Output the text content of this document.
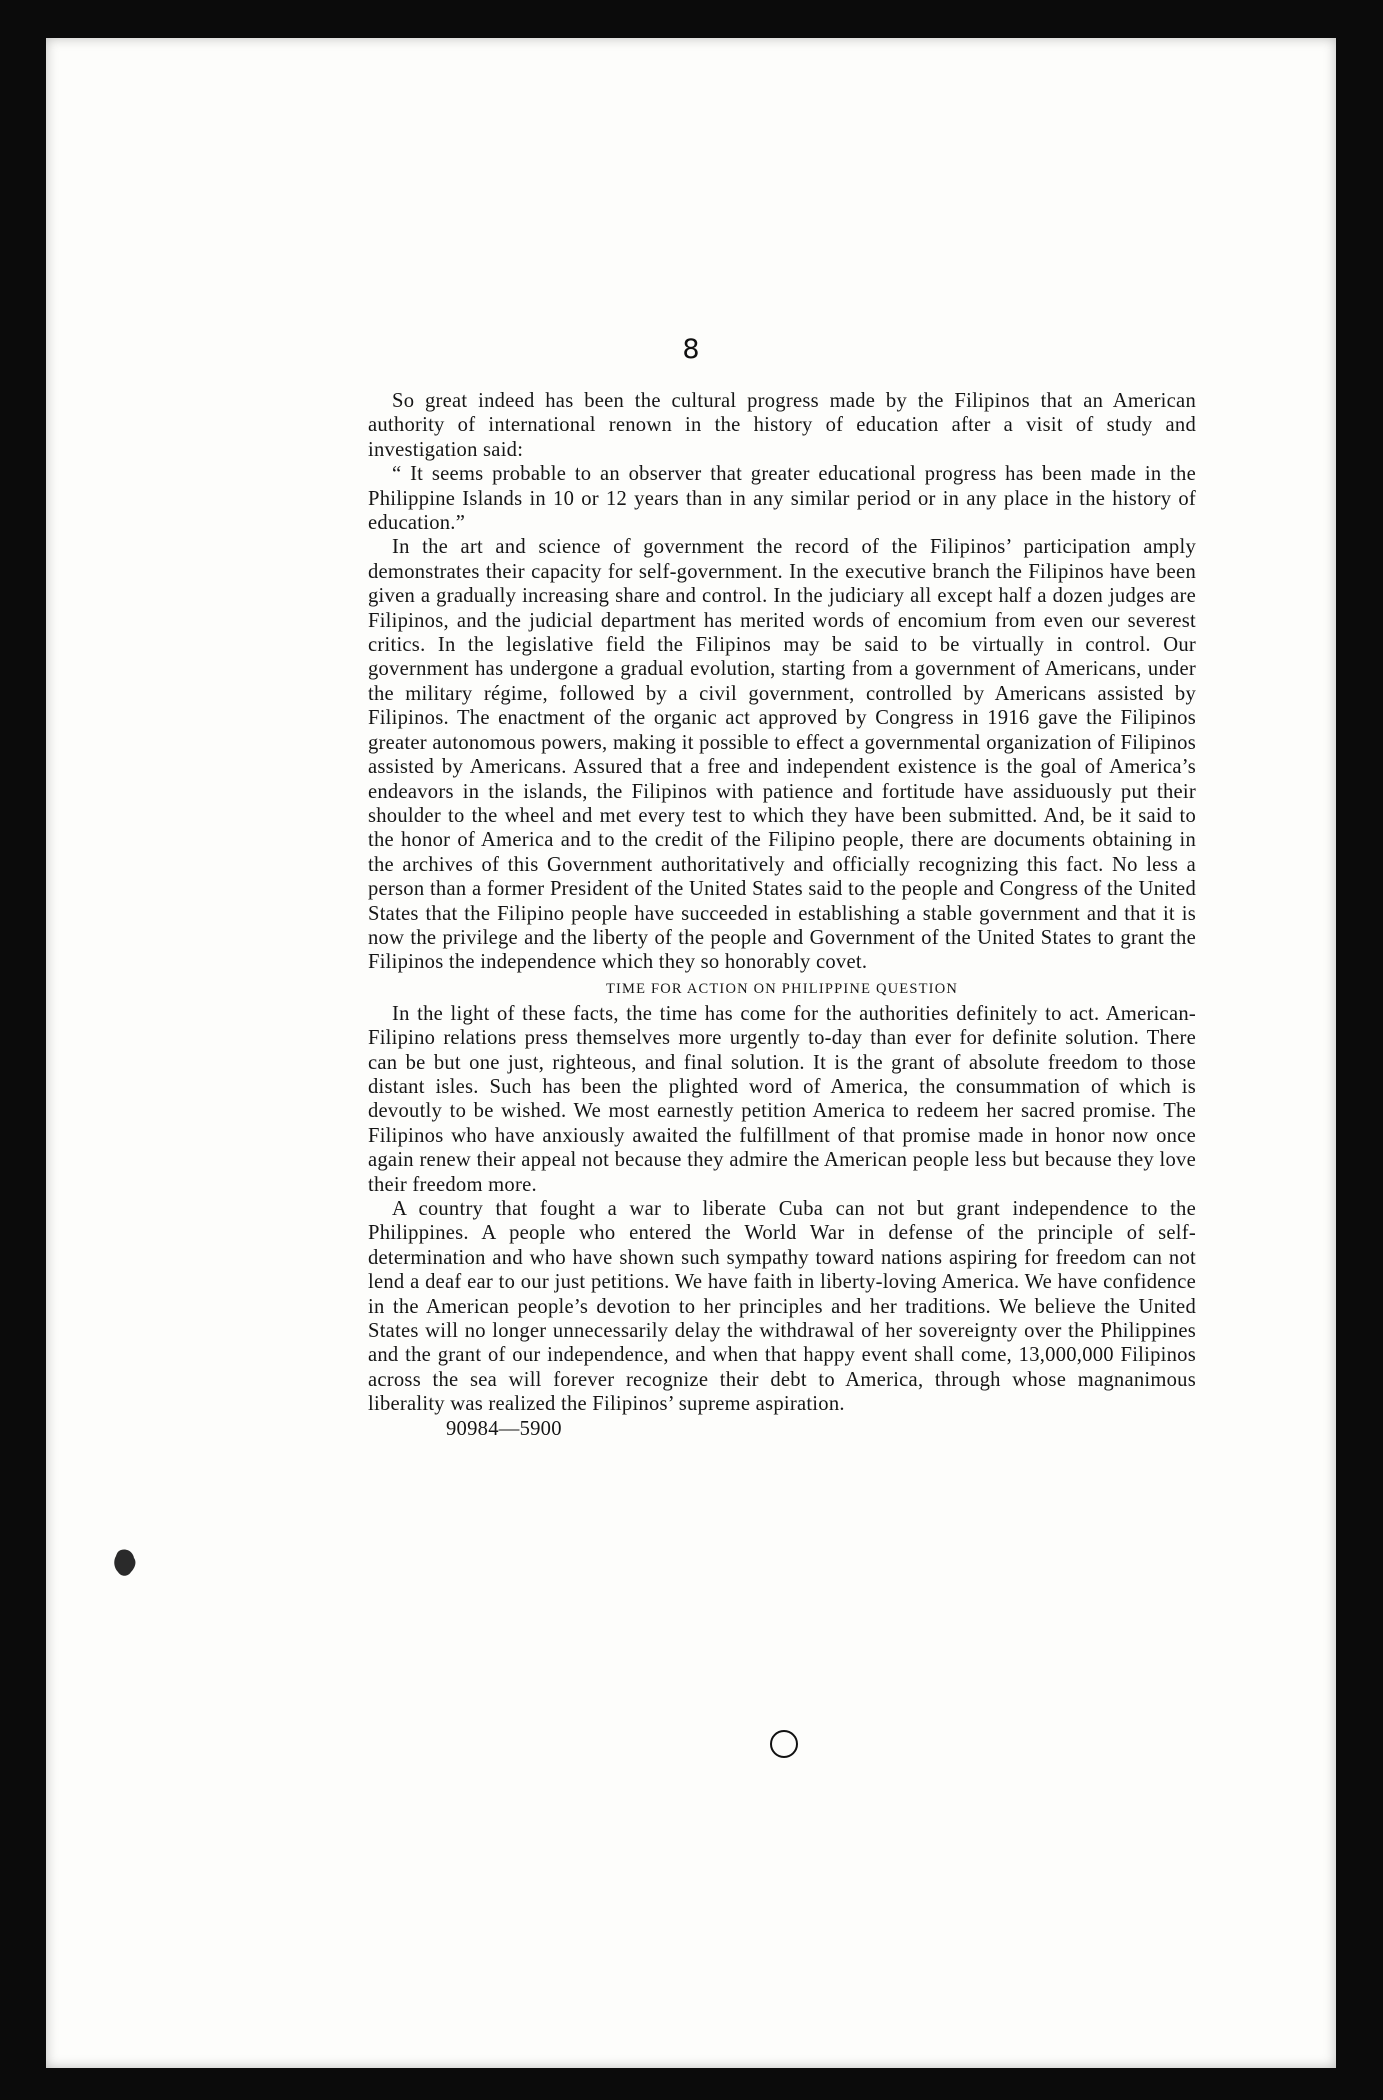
8

So great indeed has been the cultural progress made by the Filipinos that an American authority of international renown in the history of education after a visit of study and investigation said:

“ It seems probable to an observer that greater educational progress has been made in the Philippine Islands in 10 or 12 years than in any similar period or in any place in the history of education.”

In the art and science of government the record of the Filipinos’ participation amply demonstrates their capacity for self-government. In the executive branch the Filipinos have been given a gradually increasing share and control. In the judiciary all except half a dozen judges are Filipinos, and the judicial department has merited words of encomium from even our severest critics. In the legislative field the Filipinos may be said to be virtually in control. Our government has undergone a gradual evolution, starting from a government of Americans, under the military régime, followed by a civil government, controlled by Americans assisted by Filipinos. The enactment of the organic act approved by Congress in 1916 gave the Filipinos greater autonomous powers, making it possible to effect a governmental organization of Filipinos assisted by Americans. Assured that a free and independent existence is the goal of America’s endeavors in the islands, the Filipinos with patience and fortitude have assiduously put their shoulder to the wheel and met every test to which they have been submitted. And, be it said to the honor of America and to the credit of the Filipino people, there are documents obtaining in the archives of this Government authoritatively and officially recognizing this fact. No less a person than a former President of the United States said to the people and Congress of the United States that the Filipino people have succeeded in establishing a stable government and that it is now the privilege and the liberty of the people and Government of the United States to grant the Filipinos the independence which they so honorably covet.

TIME FOR ACTION ON PHILIPPINE QUESTION

In the light of these facts, the time has come for the authorities definitely to act. American-Filipino relations press themselves more urgently to-day than ever for definite solution. There can be but one just, righteous, and final solution. It is the grant of absolute freedom to those distant isles. Such has been the plighted word of America, the consummation of which is devoutly to be wished. We most earnestly petition America to redeem her sacred promise. The Filipinos who have anxiously awaited the fulfillment of that promise made in honor now once again renew their appeal not because they admire the American people less but because they love their freedom more.

A country that fought a war to liberate Cuba can not but grant independence to the Philippines. A people who entered the World War in defense of the principle of self-determination and who have shown such sympathy toward nations aspiring for freedom can not lend a deaf ear to our just petitions. We have faith in liberty-loving America. We have confidence in the American people’s devotion to her principles and her traditions. We believe the United States will no longer unnecessarily delay the withdrawal of her sovereignty over the Philippines and the grant of our independence, and when that happy event shall come, 13,000,000 Filipinos across the sea will forever recognize their debt to America, through whose magnanimous liberality was realized the Filipinos’ supreme aspiration.

90984—5900
